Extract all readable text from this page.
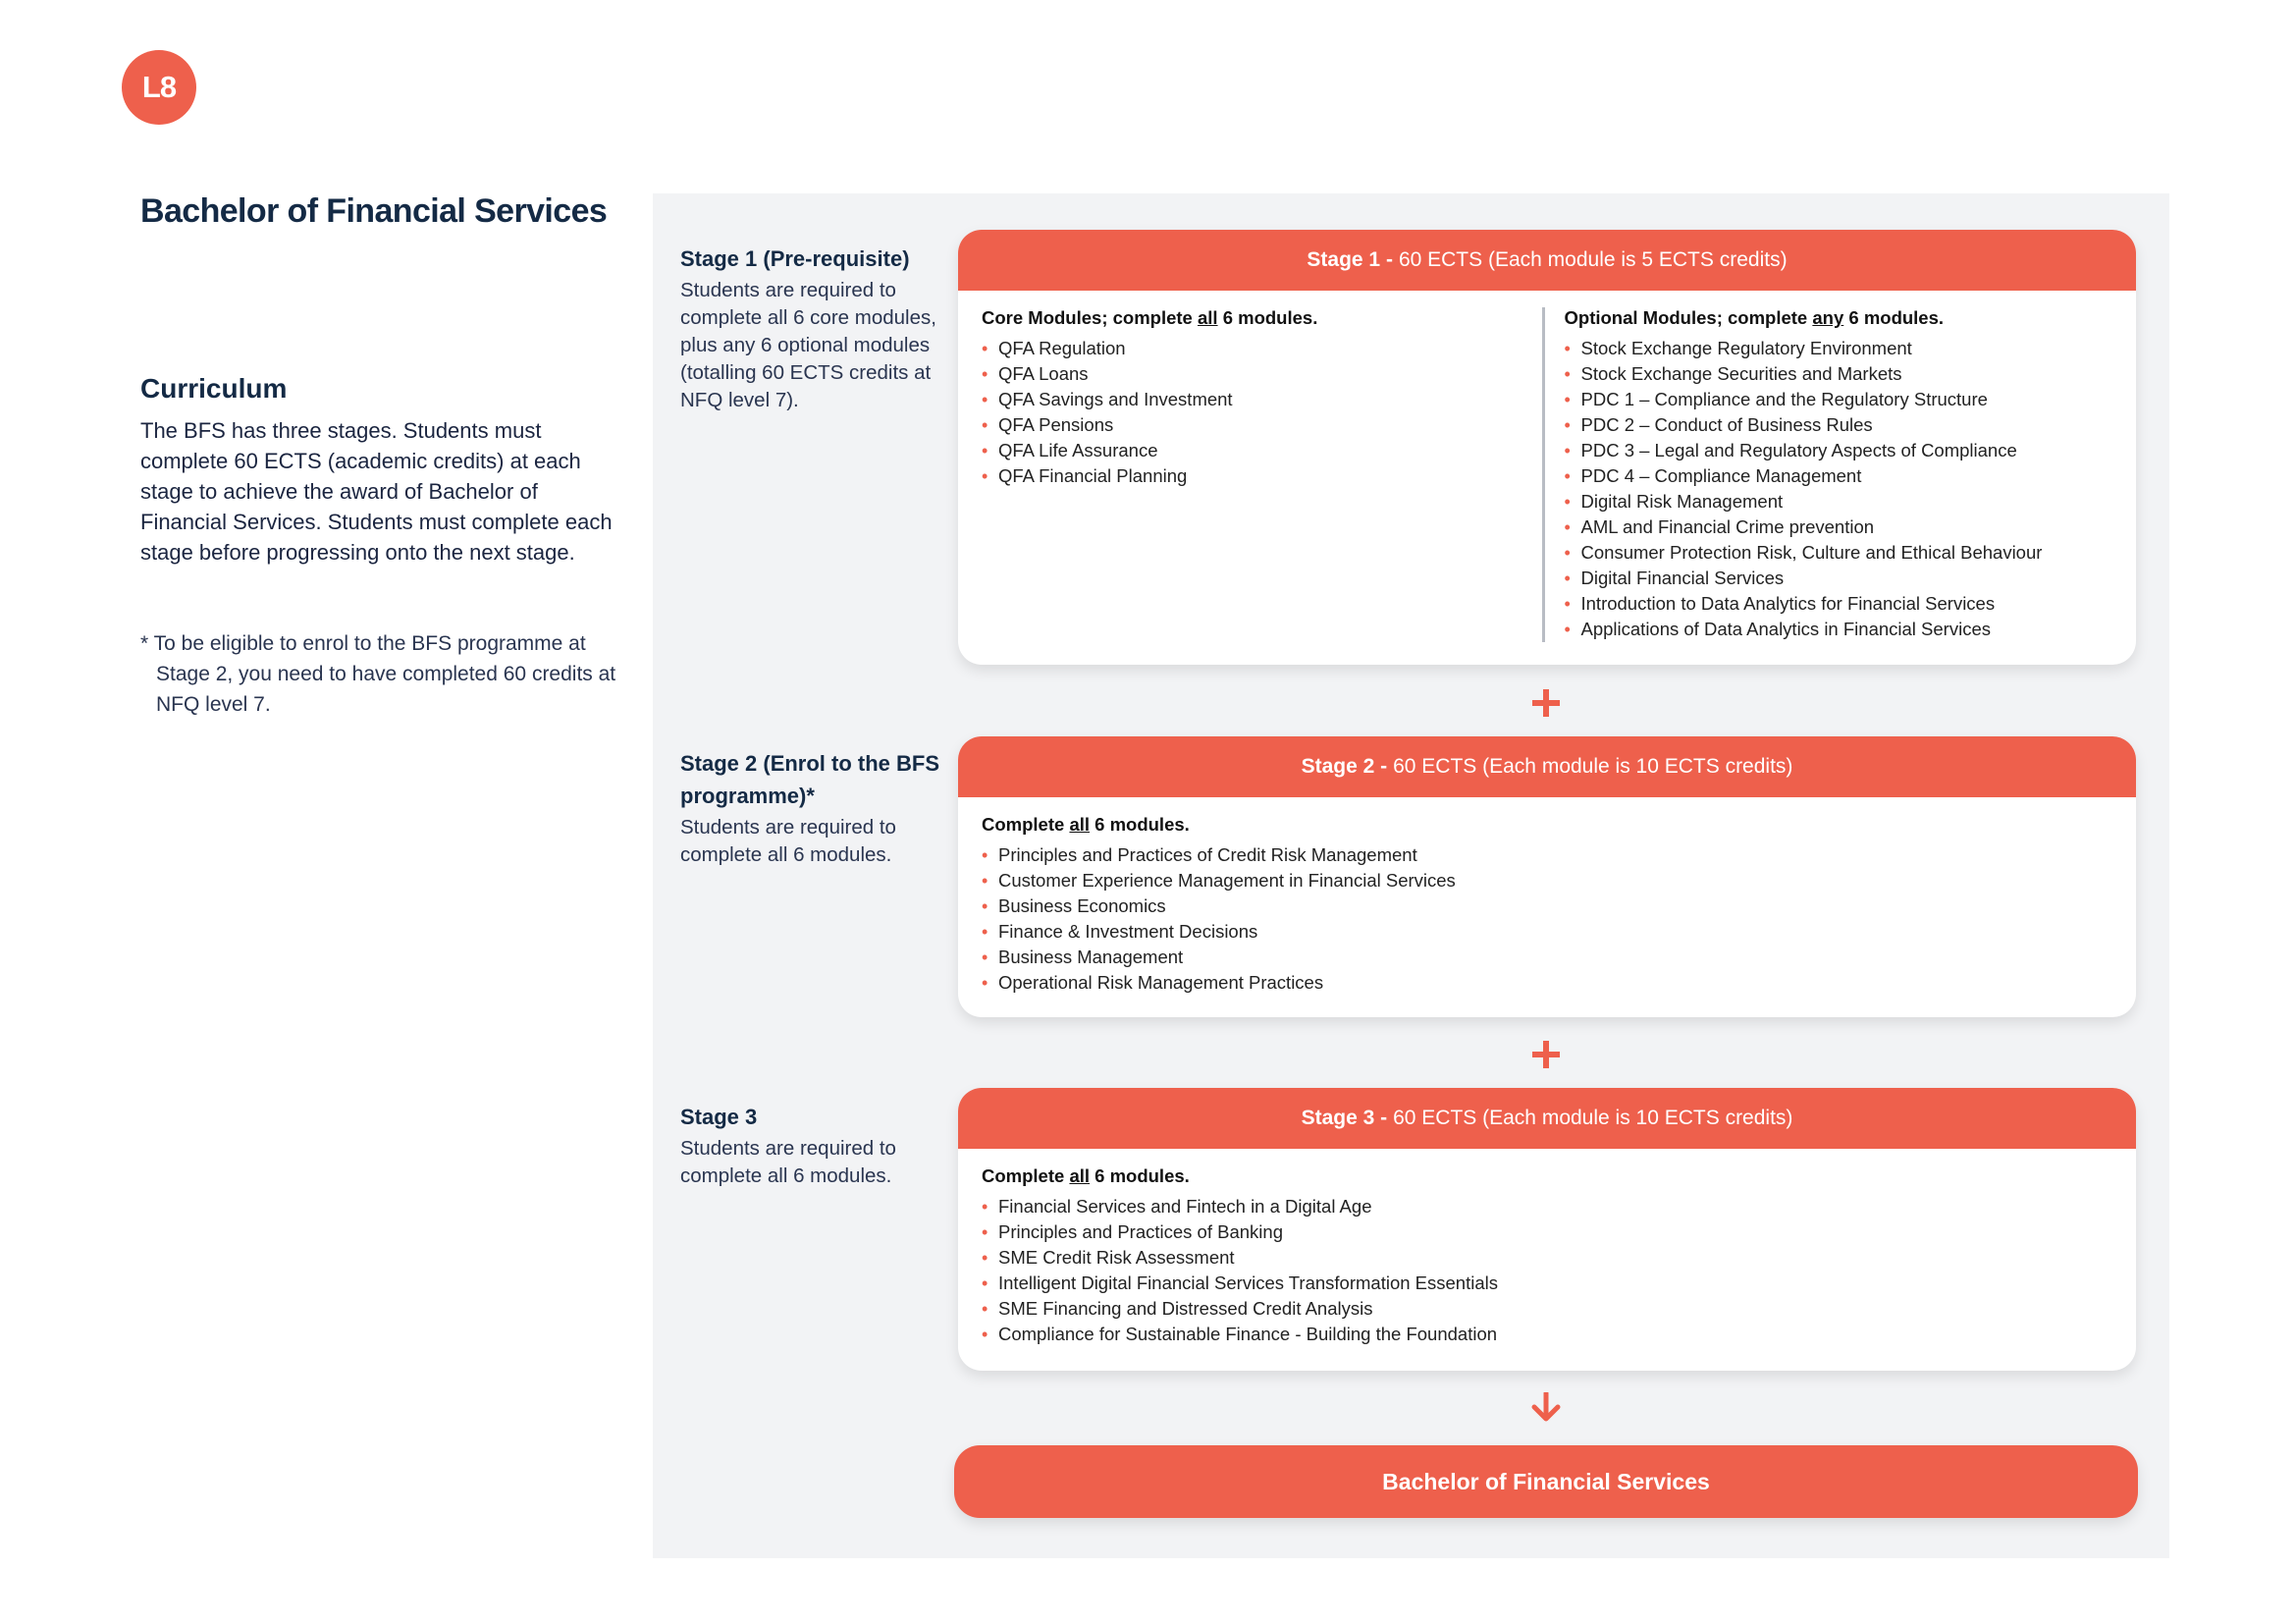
L8
Bachelor of Financial Services
Curriculum
The BFS has three stages. Students must complete 60 ECTS (academic credits) at each stage to achieve the award of Bachelor of Financial Services. Students must complete each stage before progressing onto the next stage.
* To be eligible to enrol to the BFS programme at Stage 2, you need to have completed 60 credits at NFQ level 7.
Stage 1 (Pre-requisite)
Students are required to complete all 6 core modules, plus any 6 optional modules (totalling 60 ECTS credits at NFQ level 7).
Stage 1 - 60 ECTS (Each module is 5 ECTS credits)
Core Modules; complete all 6 modules.
• QFA Regulation
• QFA Loans
• QFA Savings and Investment
• QFA Pensions
• QFA Life Assurance
• QFA Financial Planning
Optional Modules; complete any 6 modules.
• Stock Exchange Regulatory Environment
• Stock Exchange Securities and Markets
• PDC 1 – Compliance and the Regulatory Structure
• PDC 2 – Conduct of Business Rules
• PDC 3 – Legal and Regulatory Aspects of Compliance
• PDC 4 – Compliance Management
• Digital Risk Management
• AML and Financial Crime prevention
• Consumer Protection Risk, Culture and Ethical Behaviour
• Digital Financial Services
• Introduction to Data Analytics for Financial Services
• Applications of Data Analytics in Financial Services
Stage 2 (Enrol to the BFS programme)*
Students are required to complete all 6 modules.
Stage 2 - 60 ECTS (Each module is 10 ECTS credits)
Complete all 6 modules.
• Principles and Practices of Credit Risk Management
• Customer Experience Management in Financial Services
• Business Economics
• Finance & Investment Decisions
• Business Management
• Operational Risk Management Practices
Stage 3
Students are required to complete all 6 modules.
Stage 3 - 60 ECTS (Each module is 10 ECTS credits)
Complete all 6 modules.
• Financial Services and Fintech in a Digital Age
• Principles and Practices of Banking
• SME Credit Risk Assessment
• Intelligent Digital Financial Services Transformation Essentials
• SME Financing and Distressed Credit Analysis
• Compliance for Sustainable Finance - Building the Foundation
Bachelor of Financial Services
